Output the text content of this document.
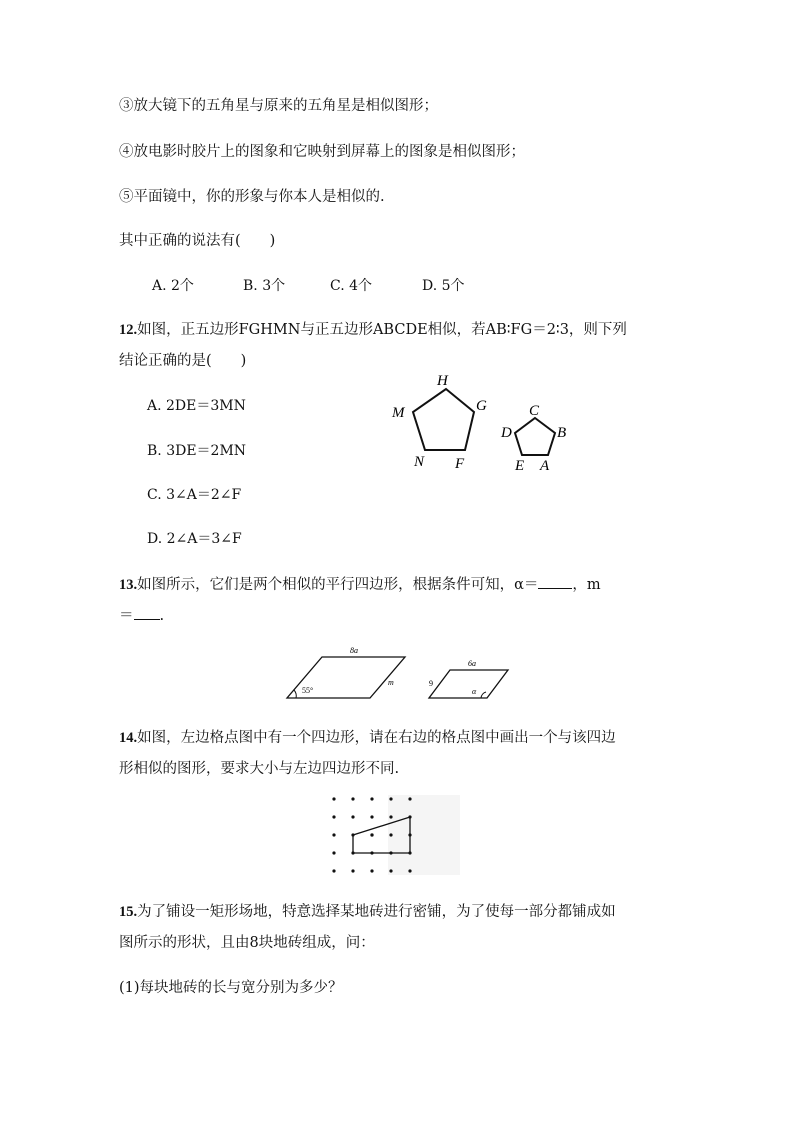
③放大镜下的五角星与原来的五角星是相似图形；
④放电影时胶片上的图象和它映射到屏幕上的图象是相似图形；
⑤平面镜中，你的形象与你本人是相似的.
其中正确的说法有(　　)
A. 2个	B. 3个	C. 4个	D. 5个
12.如图，正五边形FGHMN与正五边形ABCDE相似，若AB∶FG＝2∶3，则下列
结论正确的是(　　)
A. 2DE＝3MN
B. 3DE＝2MN
C. 3∠A＝2∠F
D. 2∠A＝3∠F
H
G
M
N F
C
B
D
E A
13.如图所示，它们是两个相似的平行四边形，根据条件可知，α＝ ，m
＝ .
8a
55°
m
6a
9
α
14.如图，左边格点图中有一个四边形，请在右边的格点图中画出一个与该四边
形相似的图形，要求大小与左边四边形不同.
15.为了铺设一矩形场地，特意选择某地砖进行密铺，为了使每一部分都铺成如
图所示的形状，且由8块地砖组成，问：
(1)每块地砖的长与宽分别为多少？
